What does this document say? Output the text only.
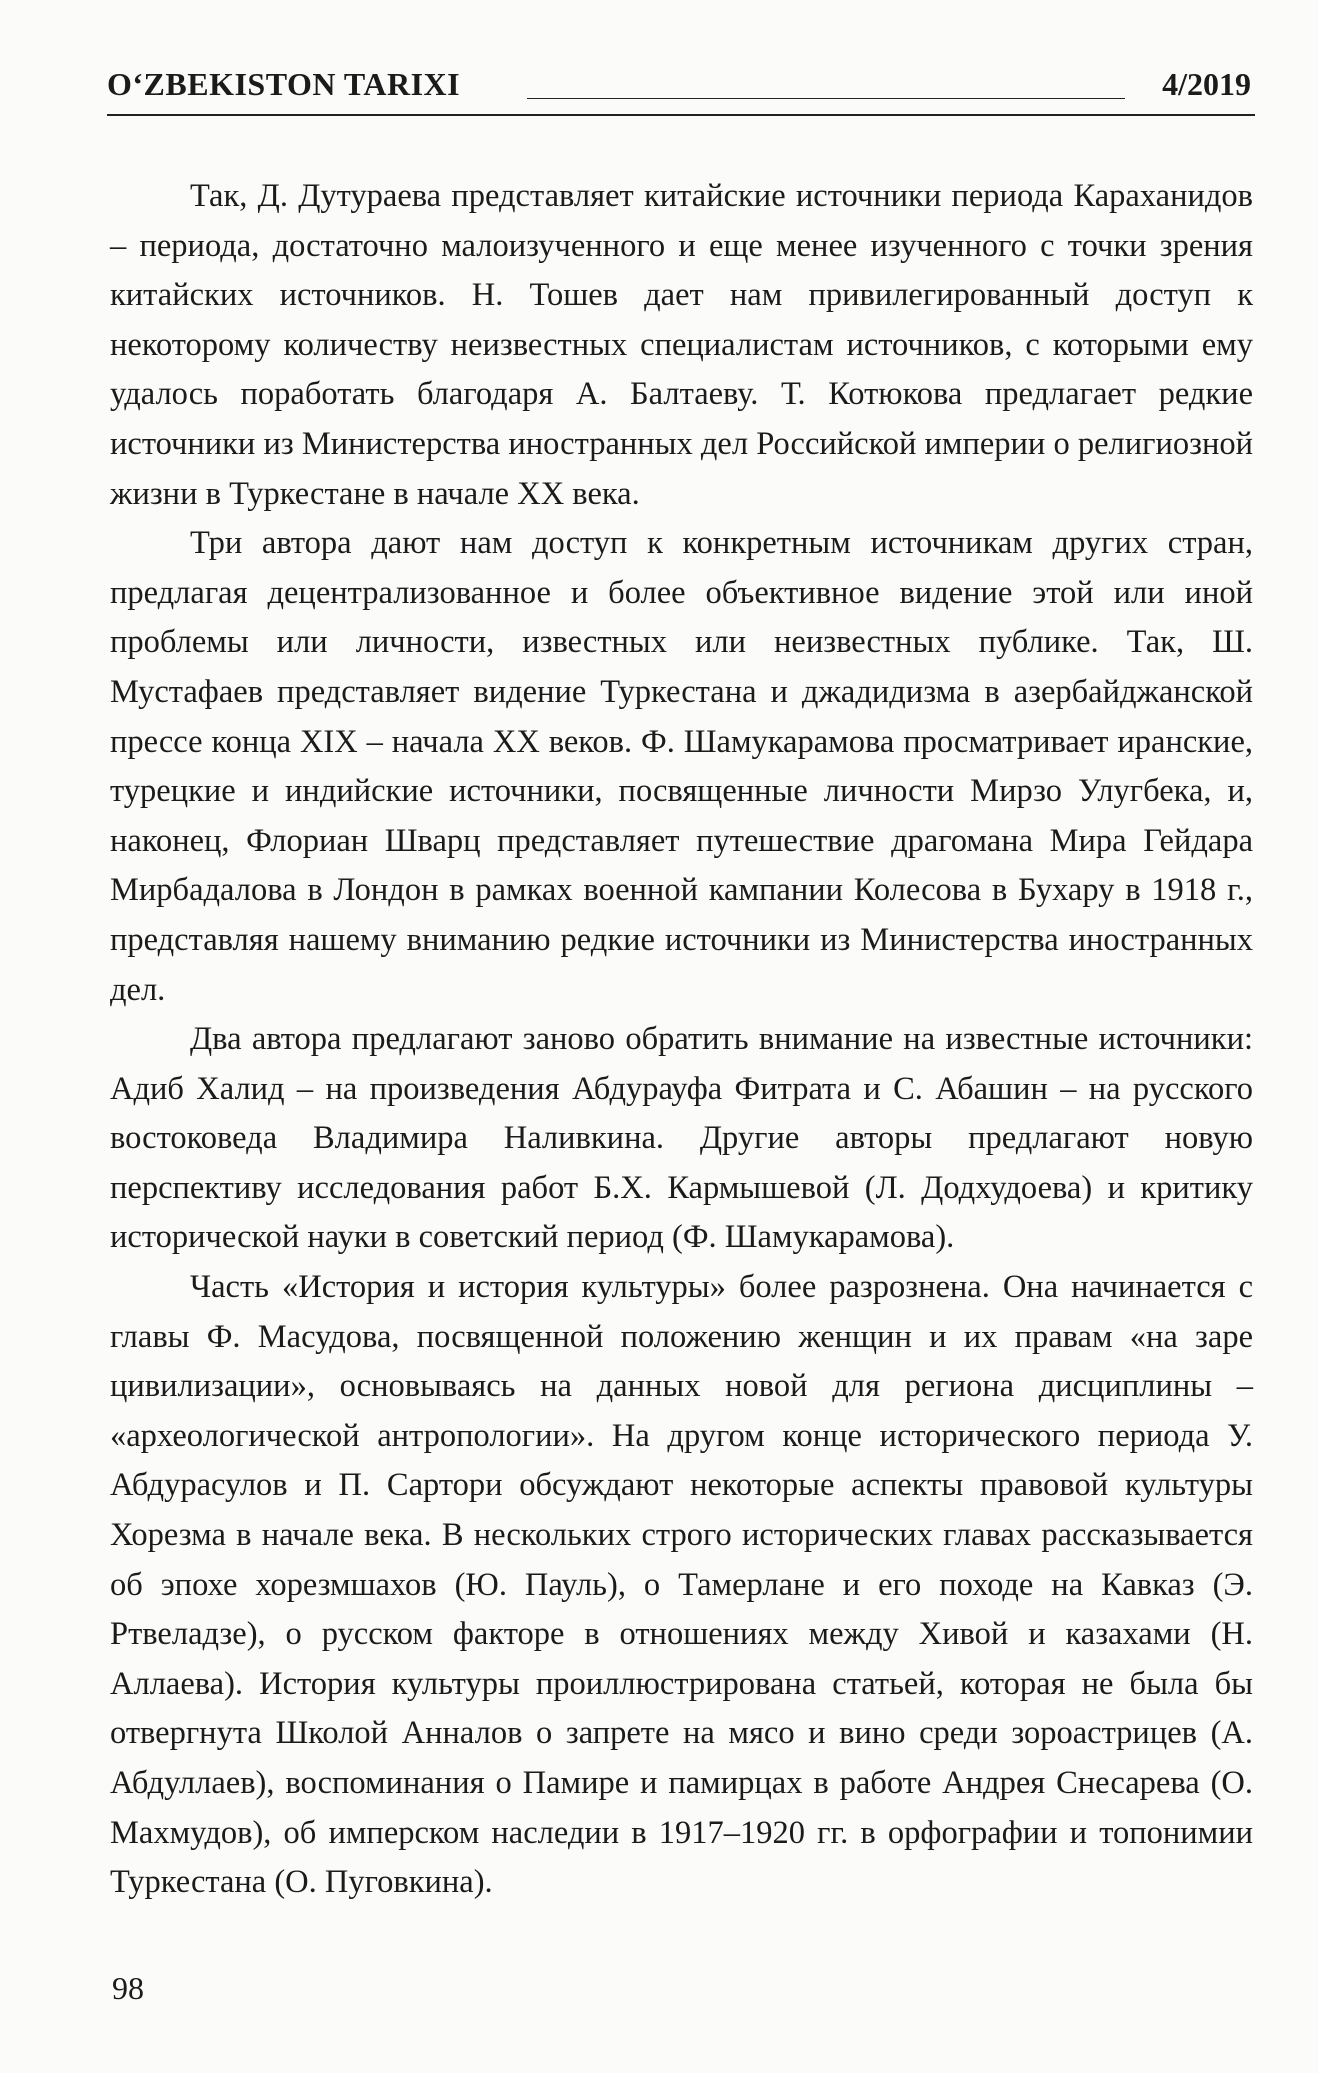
O‘ZBEKISTON TARIXI	4/2019

Так, Д. Дутураева представляет китайские источники периода Караханидов – периода, достаточно малоизученного и еще менее изученного с точки зрения китайских источников. Н. Тошев дает нам привилегированный доступ к некоторому количеству неизвестных специалистам источников, с которыми ему удалось поработать благодаря А. Балтаеву. Т. Котюкова предлагает редкие источники из Министерства иностранных дел Российской империи о религиозной жизни в Туркестане в начале XX века.

Три автора дают нам доступ к конкретным источникам других стран, предлагая децентрализованное и более объективное видение этой или иной проблемы или личности, известных или неизвестных публике. Так, Ш. Мустафаев представляет видение Туркестана и джадидизма в азербайджанской прессе конца XIX – начала XX веков. Ф. Шамукарамова просматривает иранские, турецкие и индийские источники, посвященные личности Мирзо Улугбека, и, наконец, Флориан Шварц представляет путешествие драгомана Мира Гейдара Мирбадалова в Лондон в рамках военной кампании Колесова в Бухару в 1918 г., представляя нашему вниманию редкие источники из Министерства иностранных дел.

Два автора предлагают заново обратить внимание на известные источники: Адиб Халид – на произведения Абдурауфа Фитрата и С. Абашин – на русского востоковеда Владимира Наливкина. Другие авторы предлагают новую перспективу исследования работ Б.Х. Кармышевой (Л. Додхудоева) и критику исторической науки в советский период (Ф. Шамукарамова).

Часть «История и история культуры» более разрознена. Она начинается с главы Ф. Масудова, посвященной положению женщин и их правам «на заре цивилизации», основываясь на данных новой для региона дисциплины – «археологической антропологии». На другом конце исторического периода У. Абдурасулов и П. Сартори обсуждают некоторые аспекты правовой культуры Хорезма в начале века. В нескольких строго исторических главах рассказывается об эпохе хорезмшахов (Ю. Пауль), о Тамерлане и его походе на Кавказ (Э. Ртвеладзе), о русском факторе в отношениях между Хивой и казахами (Н. Аллаева). История культуры проиллюстрирована статьей, которая не была бы отвергнута Школой Анналов о запрете на мясо и вино среди зороастрицев (А. Абдуллаев), воспоминания о Памире и памирцах в работе Андрея Снесарева (О. Махмудов), об имперском наследии в 1917–1920 гг. в орфографии и топонимии Туркестана (О. Пуговкина).

98
